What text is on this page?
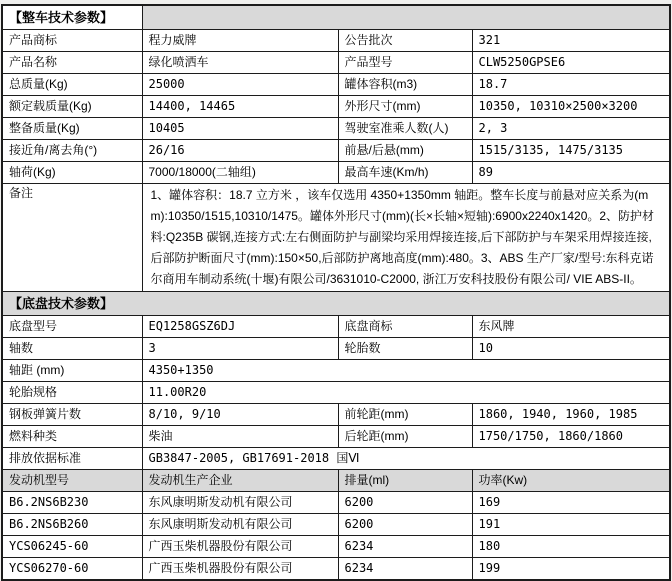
【整车技术参数】			
产品商标	程力威牌	公告批次	321
产品名称	绿化喷洒车	产品型号	CLW5250GPSE6
总质量(Kg)	25000	罐体容积(m3)	18.7
额定载质量(Kg)	14400, 14465	外形尺寸(mm)	10350, 10310×2500×3200
整备质量(Kg)	10405	驾驶室准乘人数(人)	2, 3
接近角/离去角(°)	26/16	前悬/后悬(mm)	1515/3135, 1475/3135
轴荷(Kg)	7000/18000(二轴组)	最高车速(Km/h)	89
备注	1、罐体容积：18.7 立方米 ，该车仅选用 4350+1350mm 轴距。整车长度与前悬对应关系为(mm):10350/1515,10310/1475。罐体外形尺寸(mm)(长×长轴×短轴):6900x2240x1420。2、防护材料:Q235B 碳钢,连接方式:左右侧面防护与副梁均采用焊接连接,后下部防护与车架采用焊接连接,后部防护断面尺寸(mm):150×50,后部防护离地高度(mm):480。3、ABS 生产厂家/型号:东科克诺尔商用车制动系统(十堰)有限公司/3631010-C2000, 浙江万安科技股份有限公司/ VIE ABS-II。		
【底盘技术参数】			
底盘型号	EQ1258GSZ6DJ	底盘商标	东风牌
轴数	3	轮胎数	10
轴距 (mm)	4350+1350		
轮胎规格	11.00R20		
钢板弹簧片数	8/10, 9/10	前轮距(mm)	1860, 1940, 1960, 1985
燃料种类	柴油	后轮距(mm)	1750/1750, 1860/1860
排放依据标准	GB3847-2005, GB17691-2018 国Ⅵ		
发动机型号	发动机生产企业	排量(ml)	功率(Kw)
B6.2NS6B230	东风康明斯发动机有限公司	6200	169
B6.2NS6B260	东风康明斯发动机有限公司	6200	191
YCS06245-60	广西玉柴机器股份有限公司	6234	180
YCS06270-60	广西玉柴机器股份有限公司	6234	199
